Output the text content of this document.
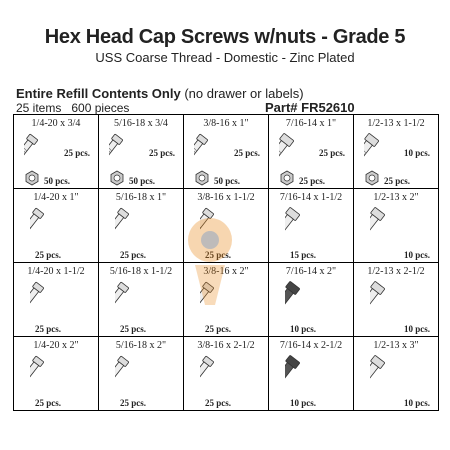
Hex Head Cap Screws w/nuts - Grade 5
USS Coarse Thread - Domestic - Zinc Plated
Entire Refill Contents Only (no drawer or labels)
25 items 600 pieces	Part# FR52610
1/4-20 x 3/4
25 pcs.
50 pcs.
5/16-18 x 3/4
25 pcs.
50 pcs.
3/8-16 x 1"
25 pcs.
50 pcs.
7/16-14 x 1"
25 pcs.
25 pcs.
1/2-13 x 1-1/2
10 pcs.
25 pcs.
1/4-20 x 1"
25 pcs.
5/16-18 x 1"
25 pcs.
3/8-16 x 1-1/2
25 pcs.
7/16-14 x 1-1/2
15 pcs.
1/2-13 x 2"
10 pcs.
1/4-20 x 1-1/2
25 pcs.
5/16-18 x 1-1/2
25 pcs.
3/8-16 x 2"
25 pcs.
7/16-14 x 2"
10 pcs.
1/2-13 x 2-1/2
10 pcs.
1/4-20 x 2"
25 pcs.
5/16-18 x 2"
25 pcs.
3/8-16 x 2-1/2
25 pcs.
7/16-14 x 2-1/2
10 pcs.
1/2-13 x 3"
10 pcs.
